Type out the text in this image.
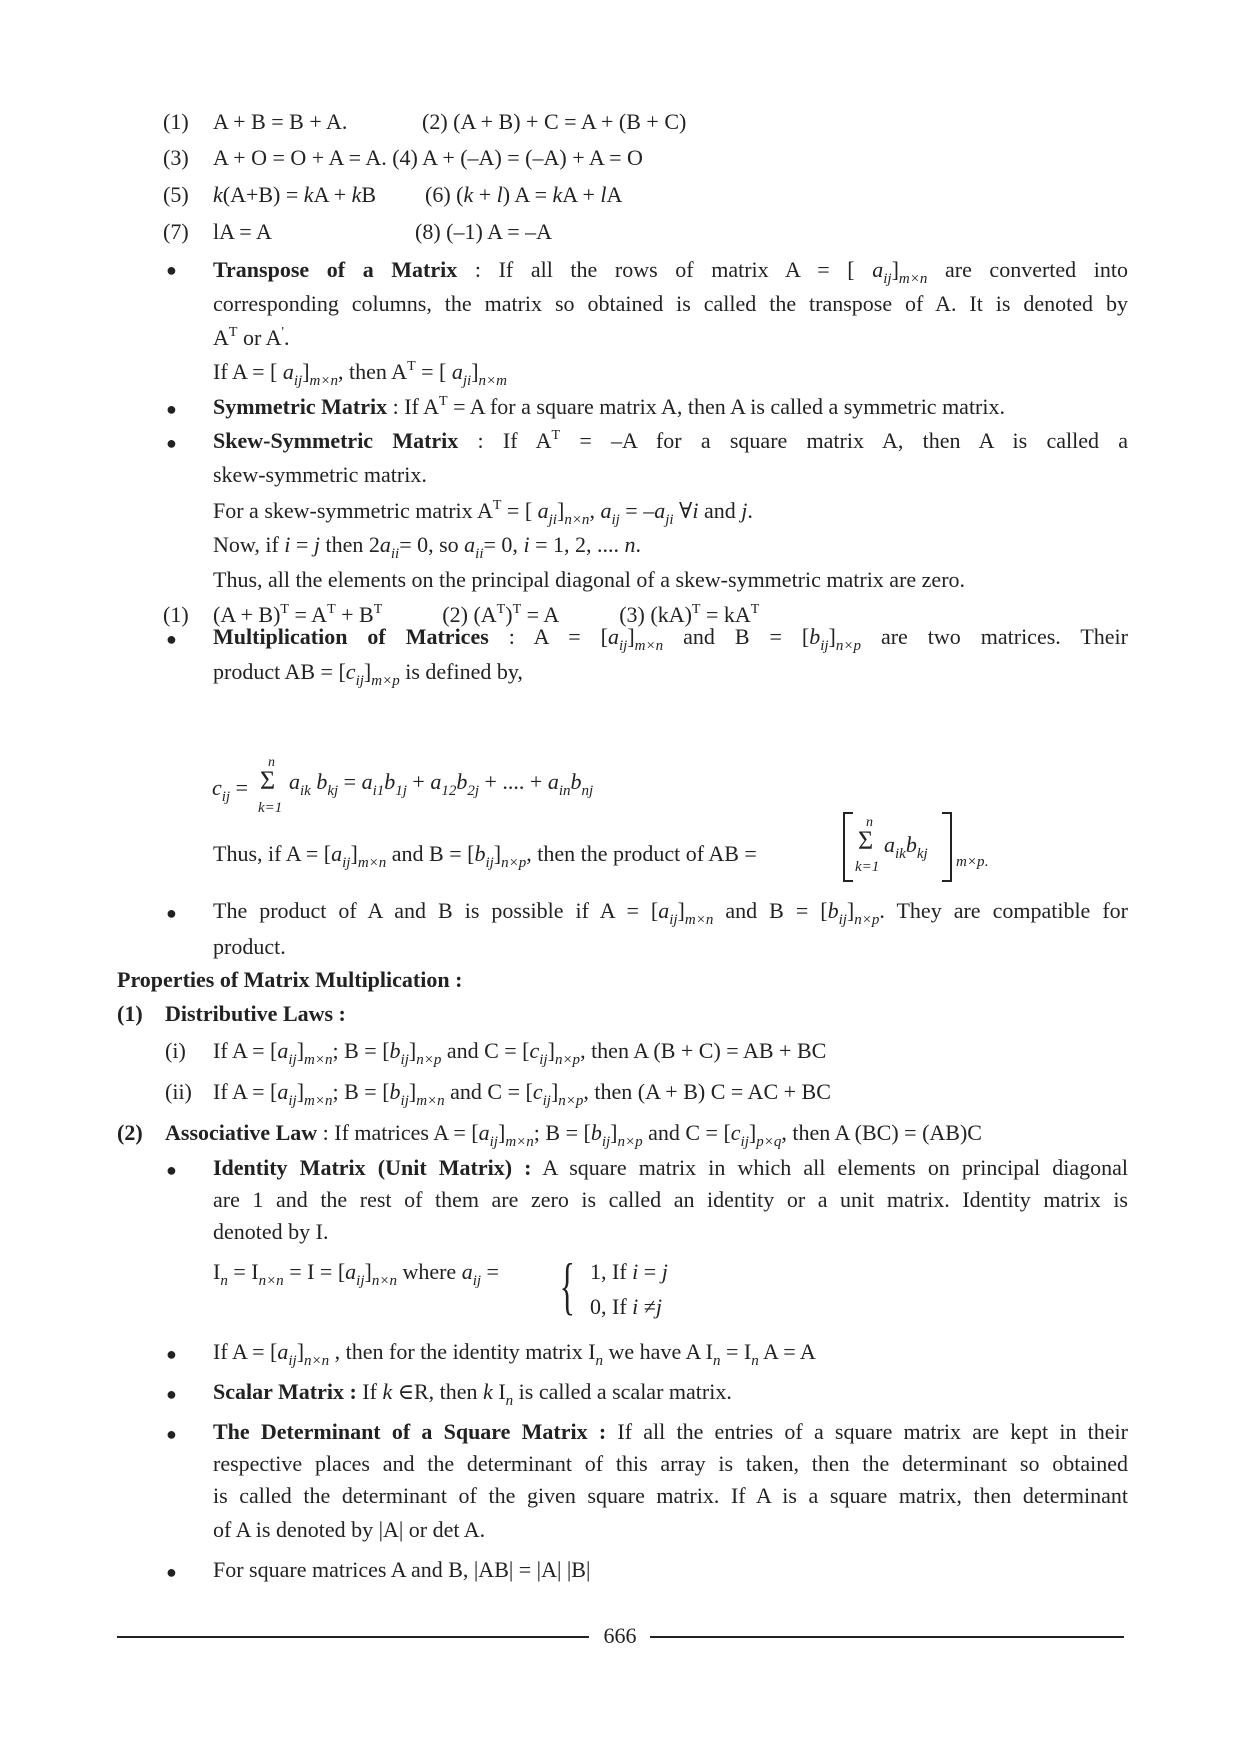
(1) A + B = B + A.	(2) (A + B) + C = A + (B + C)
(3) A + O = O + A = A. (4) A + (–A) = (–A) + A = O
(5) k(A+B) = kA + kB (6) (k + l) A = kA + lA
(7) lA = A	(8) (–1) A = –A
● Transpose of a Matrix : If all the rows of matrix A = [ $a_{ij}]_{m\times n}$ are converted into
corresponding columns, the matrix so obtained is called the transpose of A. It is denoted by
$A^T$ or A'.
If A = [ $a_{ij}]_{m\times n}$, then $A^T$ = [ $a_{ji}]_{n\times m}$
● Symmetric Matrix : If $A^T = A$ for a square matrix A, then A is called a symmetric matrix.
● Skew-Symmetric Matrix : If $A^T = -A$ for a square matrix A, then A is called a
skew-symmetric matrix.
For a skew-symmetric matrix $A^T$ = [ $a_{ji}]_{n\times n}$, $a_{ij} = -a_{ji}$ ∀i and j.
Now, if i = j then $2a_{ii}= 0$, so $a_{ii}= 0$, i = 1, 2, .... n.
Thus, all the elements on the principal diagonal of a skew-symmetric matrix are zero.
(1) $(A + B)^T = A^T + B^T$	(2) $(A^T)^T = A$	(3) $(kA)^T = kA^T$
● Multiplication of Matrices : $A = [a_{ij}]_{m\times n}$ and $B = [b_{ij}]_{n\times p}$ are two matrices. Their
product AB = $[c_{ij}]_{m\times p}$ is defined by,
$c_{ij}$ =
n
Σ
k=1
$a_{ik}$ $b_{kj} = a_{i1}b_{1j} + a_{12}b_{2j}$ + .... + $a_{in}b_{nj}$
Thus, if $A = [a_{ij}]_{m\times n}$ and $B = [b_{ij}]_{n\times p}$, then the product of AB =
n
Σ
k=1
$a_{ik}b_{kj}$ m×p.
● The product of A and B is possible if $A = [a_{ij}]_{m\times n}$ and $B = [b_{ij}]_{n\times p}$. They are compatible for
product.
Properties of Matrix Multiplication :
(1) Distributive Laws :
(i) If $A = [a_{ij}]_{m\times n}$; $B = [b_{ij}]_{n\times p}$ and $C = [c_{ij}]_{n\times p}$, then A (B + C) = AB + BC
(ii) If $A = [a_{ij}]_{m\times n}$; $B = [b_{ij}]_{m\times n}$ and $C = [c_{ij}]_{n\times p}$, then (A + B) C = AC + BC
(2) Associative Law : If matrices $A = [a_{ij}]_{m\times n}$; $B = [b_{ij}]_{n\times p}$ and $C = [c_{ij}]_{p\times q}$, then A (BC) = (AB)C
● Identity Matrix (Unit Matrix) : A square matrix in which all elements on principal diagonal
are 1 and the rest of them are zero is called an identity or a unit matrix. Identity matrix is
denoted by I.
$I_n = I_{n\times n} = I = [a_{ij}]_{n\times n}$ where $a_{ij}$ = { 1, If i = j
0, If i ≠j
● If $A = [a_{ij}]_{n\times n}$ , then for the identity matrix $I_n$ we have A $I_n = I_n$ A = A
● Scalar Matrix : If k ∈R, then k $I_n$ is called a scalar matrix.
● The Determinant of a Square Matrix : If all the entries of a square matrix are kept in their
respective places and the determinant of this array is taken, then the determinant so obtained
is called the determinant of the given square matrix. If A is a square matrix, then determinant
of A is denoted by |A| or det A.
● For square matrices A and B, |AB| = |A| |B|
666
